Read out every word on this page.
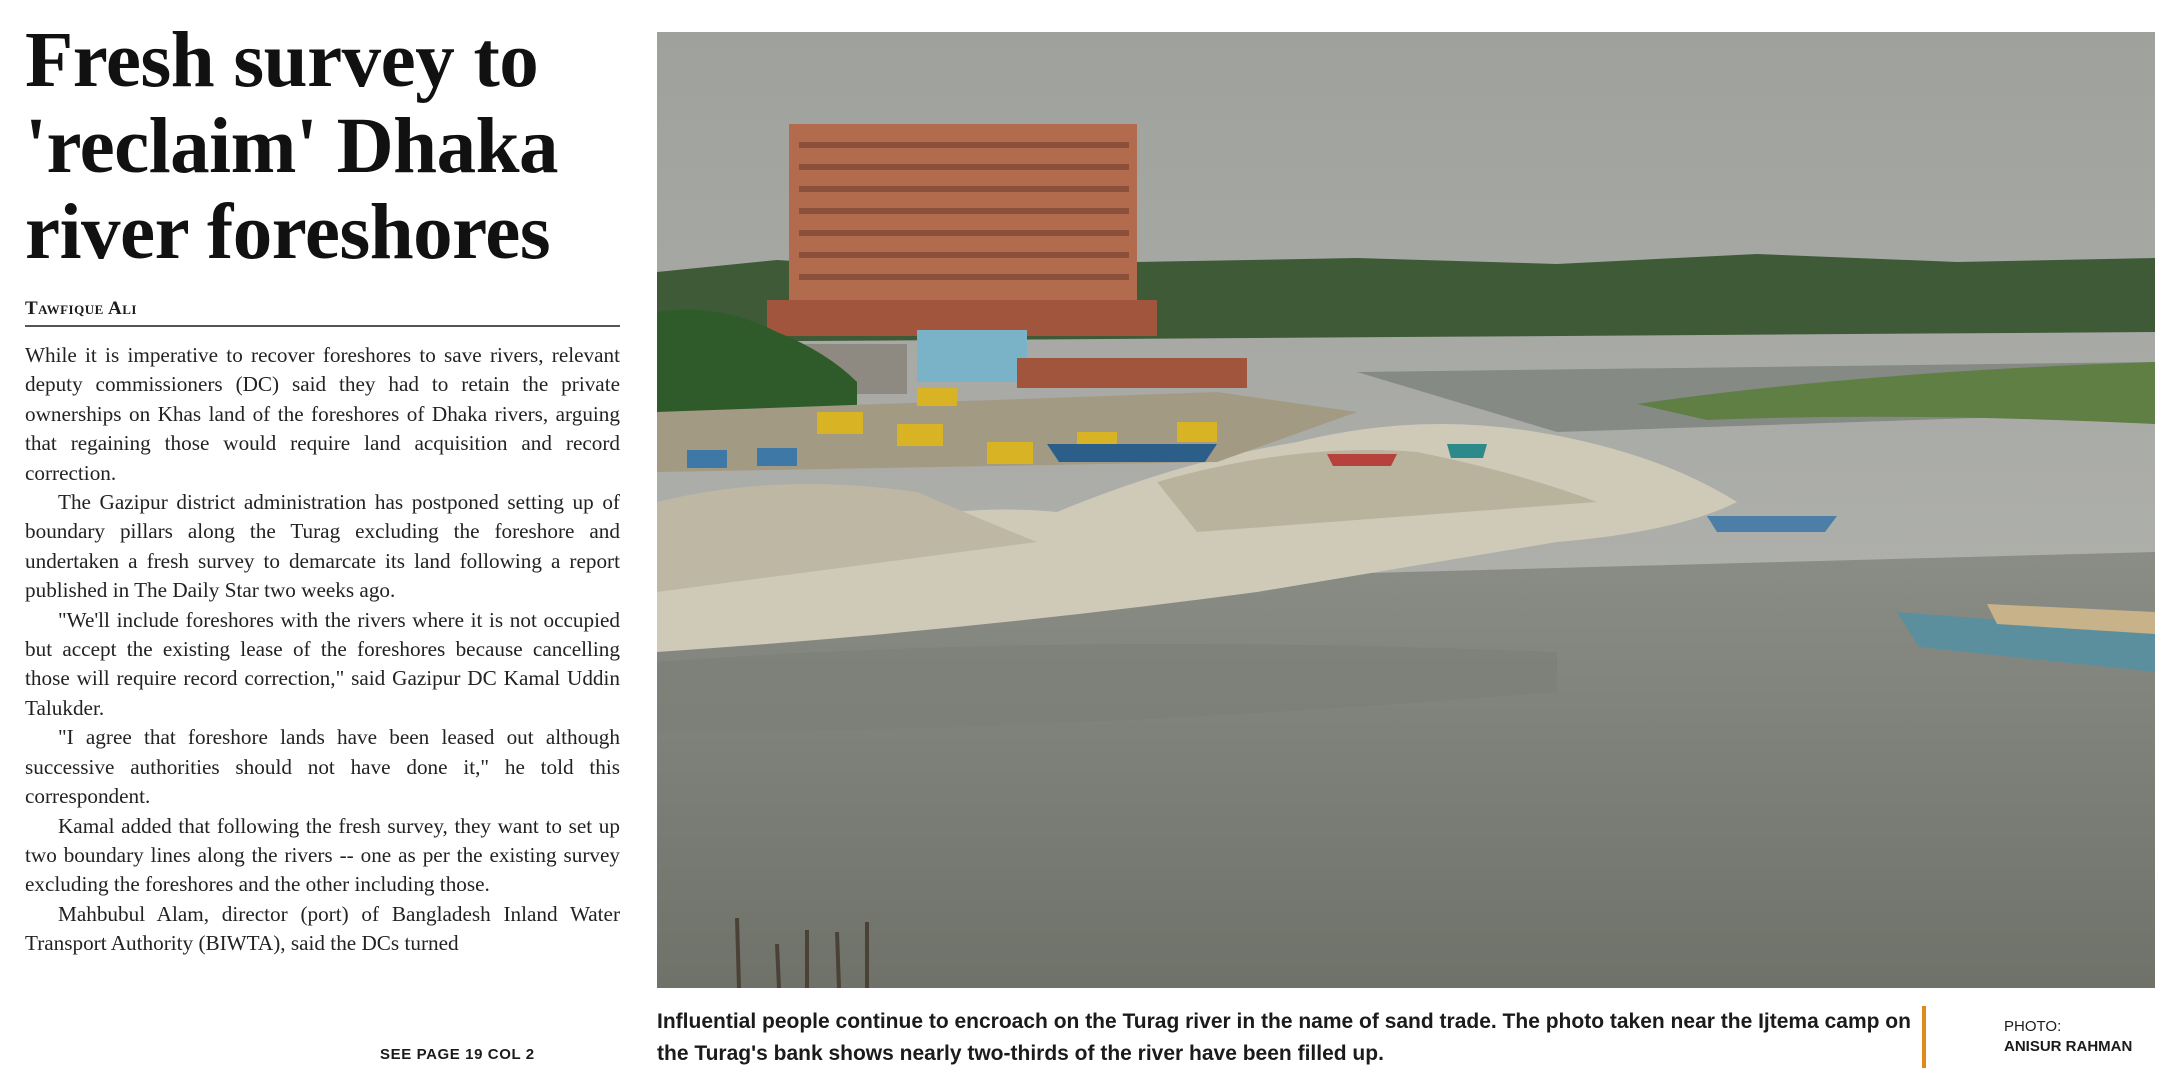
Fresh survey to
'reclaim' Dhaka
river foreshores
Tawfique Ali

While it is imperative to recover foreshores to save rivers, relevant deputy commissioners (DC) said they had to retain the private ownerships on Khas land of the foreshores of Dhaka rivers, arguing that regaining those would require land acquisition and record correction.

The Gazipur district administration has postponed setting up of boundary pillars along the Turag excluding the foreshore and undertaken a fresh survey to demarcate its land following a report published in The Daily Star two weeks ago.

"We'll include foreshores with the rivers where it is not occupied but accept the existing lease of the foreshores because cancelling those will require record correction," said Gazipur DC Kamal Uddin Talukder.

"I agree that foreshore lands have been leased out although successive authorities should not have done it," he told this correspondent.

Kamal added that following the fresh survey, they want to set up two boundary lines along the rivers -- one as per the existing survey excluding the foreshores and the other including those.

Mahbubul Alam, director (port) of Bangladesh Inland Water Transport Authority (BIWTA), said the DCs turned

SEE PAGE 19 COL 2
Influential people continue to encroach on the Turag river in the name of sand trade. The photo taken near the Ijtema camp on the Turag's bank shows nearly two-thirds of the river have been filled up.
PHOTO:
ANISUR RAHMAN
